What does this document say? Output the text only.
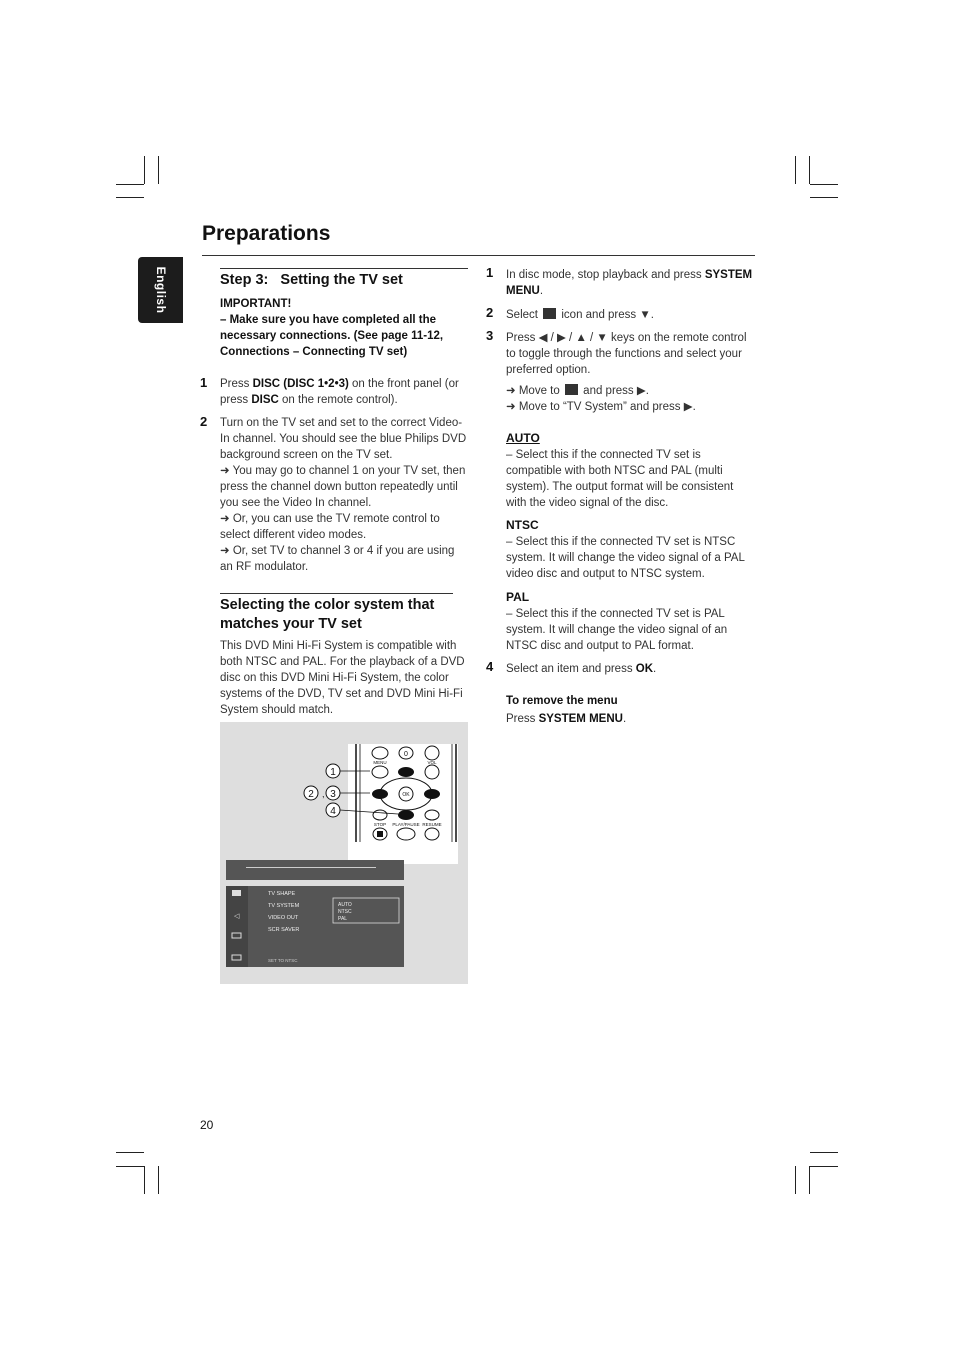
Preparations
English	Step 3:   Setting the TV set
IMPORTANT!
– Make sure you have completed all the necessary connections. (See page 11-12, Connections – Connecting TV set)
1 Press DISC (DISC 1•2•3) on the front panel (or press DISC on the remote control).
2 Turn on the TV set and set to the correct Video-In channel. You should see the blue Philips DVD background screen on the TV set.
➜ You may go to channel 1 on your TV set, then press the channel down button repeatedly until you see the Video In channel.
➜ Or, you can use the TV remote control to select different video modes.
➜ Or, set TV to channel 3 or 4 if you are using an RF modulator.
Selecting the color system that matches your TV set
This DVD Mini Hi-Fi System is compatible with both NTSC and PAL. For the playback of a DVD disc on this DVD Mini Hi-Fi System, the color systems of the DVD, TV set and DVD Mini Hi-Fi System should match.
MENU	VOL
STOP PLAY/PAUSE RESUME
OK
0
1
2 , 3
4
◁
TV SHAPE
TV SYSTEM
VIDEO OUT
SCR SAVER
AUTO
NTSC
PAL
SET TO NTSC
1 In disc mode, stop playback and press SYSTEM MENU.
2 Select  icon and press ▼.
3 Press ◀ / ▶ / ▲ / ▼ keys on the remote control to toggle through the functions and select your preferred option.
➜ Move to and press ▶.
➜ Move to “TV System” and press ▶.
AUTO
– Select this if the connected TV set is compatible with both NTSC and PAL (multi system). The output format will be consistent with the video signal of the disc.
NTSC
– Select this if the connected TV set is NTSC system. It will change the video signal of a PAL video disc and output to NTSC system.
PAL
– Select this if the connected TV set is PAL system. It will change the video signal of an NTSC disc and output to PAL format.
4 Select an item and press OK.
To remove the menu
Press SYSTEM MENU.
20
